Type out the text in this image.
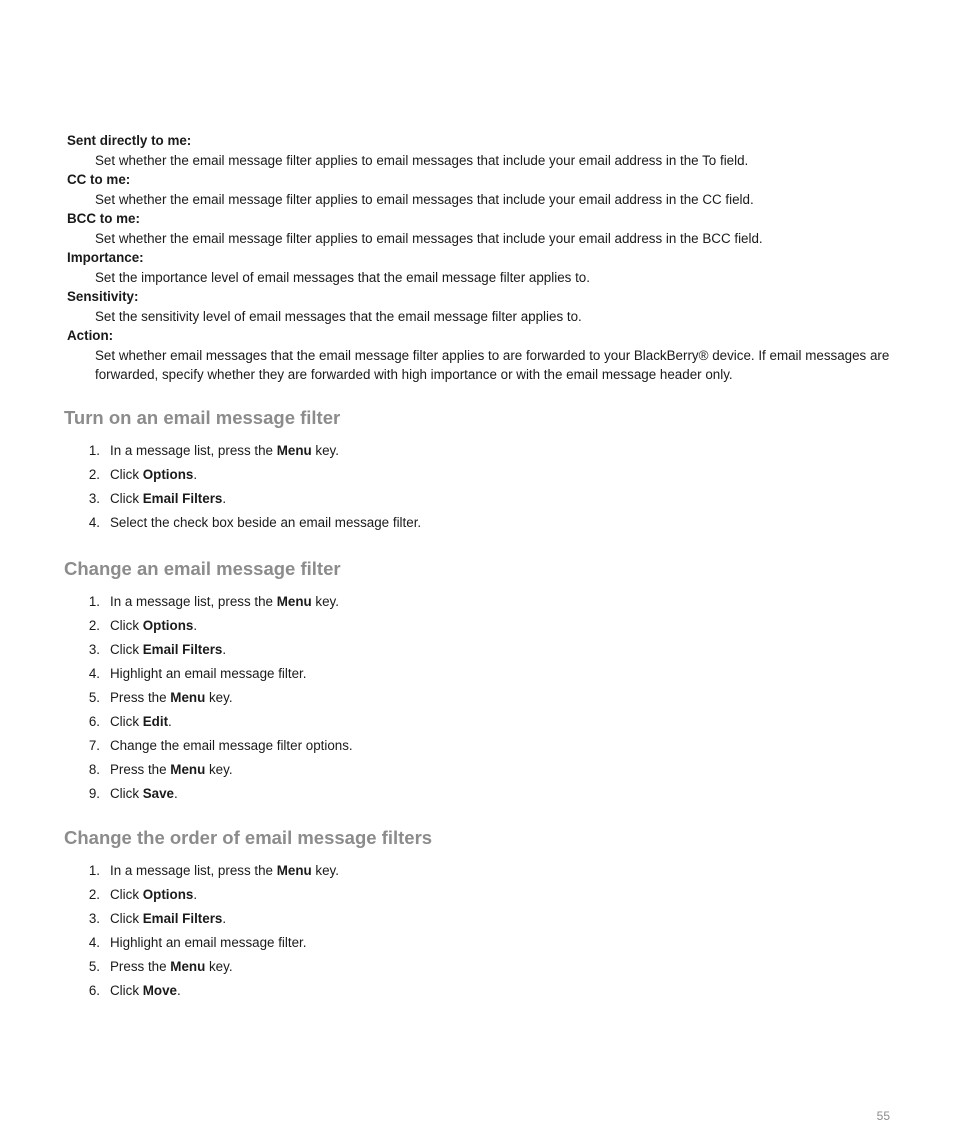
Sent directly to me:

Set whether the email message filter applies to email messages that include your email address in the To field.

CC to me:

Set whether the email message filter applies to email messages that include your email address in the CC field.

BCC to me:

Set whether the email message filter applies to email messages that include your email address in the BCC field.

Importance:

Set the importance level of email messages that the email message filter applies to.

Sensitivity:

Set the sensitivity level of email messages that the email message filter applies to.

Action:

Set whether email messages that the email message filter applies to are forwarded to your BlackBerry® device. If email messages are forwarded, specify whether they are forwarded with high importance or with the email message header only.

Turn on an email message filter
1. In a message list, press the Menu key.
2. Click Options.
3. Click Email Filters.
4. Select the check box beside an email message filter.
Change an email message filter
1. In a message list, press the Menu key.
2. Click Options.
3. Click Email Filters.
4. Highlight an email message filter.
5. Press the Menu key.
6. Click Edit.
7. Change the email message filter options.
8. Press the Menu key.
9. Click Save.
Change the order of email message filters
1. In a message list, press the Menu key.
2. Click Options.
3. Click Email Filters.
4. Highlight an email message filter.
5. Press the Menu key.
6. Click Move.
55
